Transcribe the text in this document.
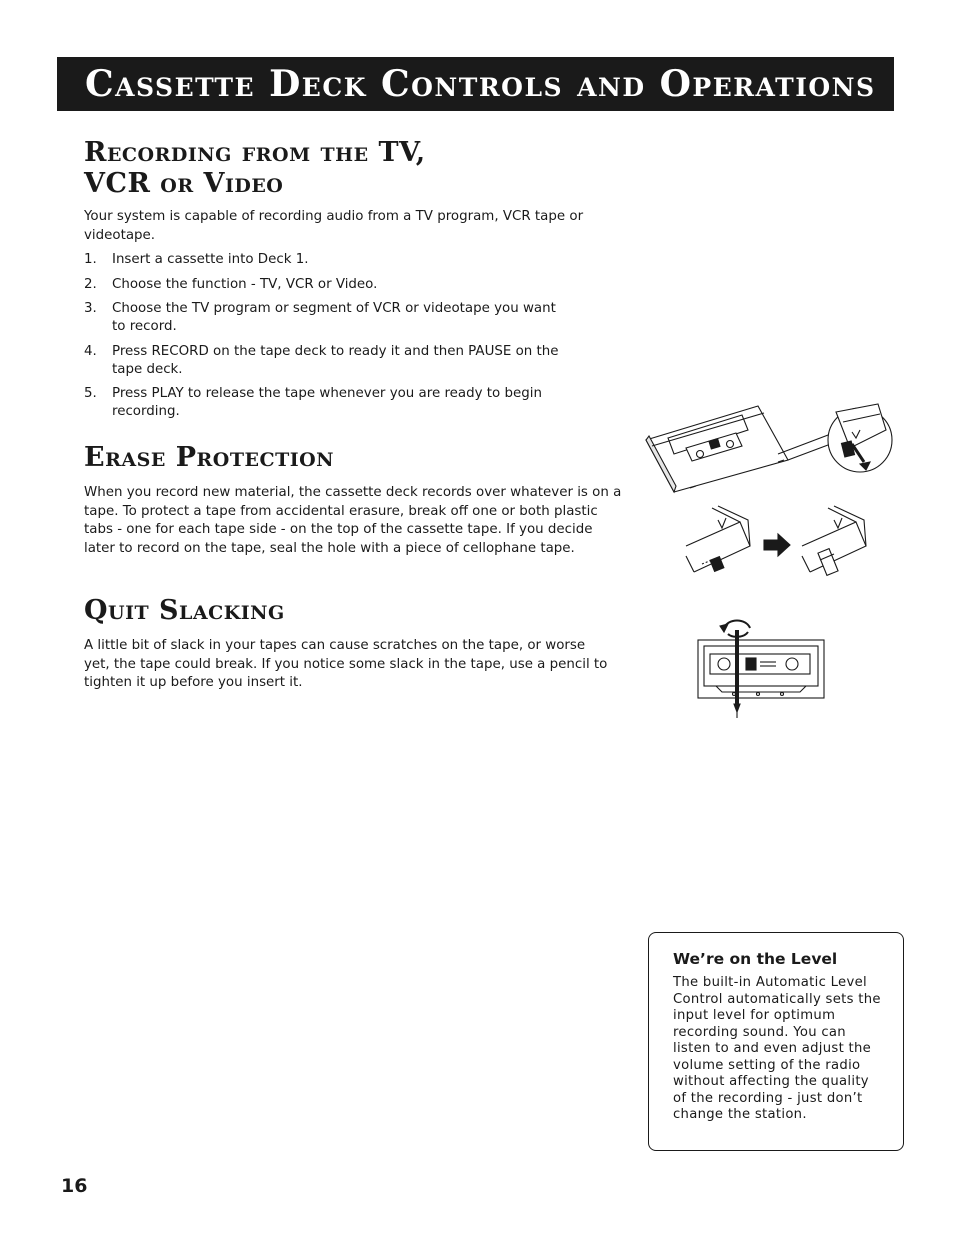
Cassette Deck Controls and Operations
Recording from the TV,
VCR or Video

Your system is capable of recording audio from a TV program, VCR tape or videotape.

1. Insert a cassette into Deck 1.
2. Choose the function - TV, VCR or Video.
3. Choose the TV program or segment of VCR or videotape you want to record.
4. Press RECORD on the tape deck to ready it and then PAUSE on the tape deck.
5. Press PLAY to release the tape whenever you are ready to begin recording.
Erase Protection

When you record new material, the cassette deck records over whatever is on a tape. To protect a tape from accidental erasure, break off one or both plastic tabs - one for each tape side - on the top of the cassette tape. If you decide later to record on the tape, seal the hole with a piece of cellophane tape.

Quit Slacking

A little bit of slack in your tapes can cause scratches on the tape, or worse yet, the tape could break. If you notice some slack in the tape, use a pencil to tighten it up before you insert it.

We’re on the Level

The built-in Automatic Level Control automatically sets the input level for optimum recording sound. You can listen to and even adjust the volume setting of the radio without affecting the quality of the recording - just don’t change the station.

16
